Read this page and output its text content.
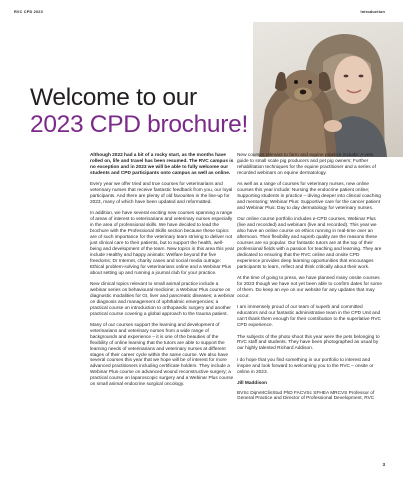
RVC CPD 2023	Introduction
Welcome to our
2023 CPD brochure!

Although 2022 had a bit of a rocky start, as the months have rolled on, life and travel has been resumed. The RVC campus is no exception and in 2023 we will be able to fully welcome our students and CPD participants onto campus as well as online.

Every year we offer tried and true courses for veterinarians and veterinary nurses that receive fantastic feedback from you, our loyal participants. And there are plenty of old favourites in the line-up for 2023, many of which have been updated and reformatted.

In addition, we have several exciting new courses spanning a range of areas of interest to veterinarians and veterinary nurses especially in the area of professional skills. We have decided to lead the brochure with the Professional Skills section because these topics are of such importance for the veterinary team striving to deliver not just clinical care to their patients, but to support the health, well-being and development of the team. New topics in this area this year include Healthy and happy animals: Welfare beyond the five freedoms; Dr Internet, charity cases and social media outrage: Ethical problem-solving for veterinarians online and a Webinar Plus about setting up and running a journal club for your practice.

New clinical topics relevant to small animal practice include a webinar series on behavioural medicine; a Webinar Plus course on diagnostic modalities for GI, liver and pancreatic diseases; a webinar on diagnosis and management of ophthalmic emergencies; a practical course on introduction to orthopaedic surgery and another practical course covering a global approach to the trauma patient.

Many of our courses support the learning and development of veterinarians and veterinary nurses from a wide range of backgrounds and experience – it is one of the beauties of the flexibility of online learning that the tutors are able to support the learning needs of veterinarians and veterinary nurses at different stages of their career cycle within the same course. We also have several courses this year that we hope will be of interest for more advanced practitioners including certificate holders. They include a Webinar Plus course on advanced wound reconstructive surgery; a practical course on laparoscopic surgery and a Webinar Plus course on small animal endocrine surgical oncology.

New courses relevant to farm and equine practice include: A vets guide to small scale pig producers and pet pig owners; Further rehabilitation techniques for the equine practitioner and a series of recorded webinars on equine dermatology.

As well as a range of courses for veterinary nurses, new online courses this year include: Nursing the endocrine patient online; Supporting students in practice – diving deeper into clinical coaching and mentoring; Webinar Plus: Supportive care for the cancer patient and Webinar Plus: Day to day dermatology for veterinary nurses.

Our online course portfolio includes e-CPD courses, Webinar Plus (live and recorded) and webinars (live and recorded). This year we also have an online course on ethics running in real-time over an afternoon. Their flexibility and superb quality are the reasons these courses are so popular. Our fantastic tutors are at the top of their professional fields with a passion for teaching and learning. They are dedicated to ensuring that the RVC online and onsite CPD experience provides deep learning opportunities that encourages participants to learn, reflect and think critically about their work.

At the time of going to press, we have planned many onsite courses for 2023 though we have not yet been able to confirm dates for some of them. Do keep an eye on our website for any updates that may occur.

I am immensely proud of our team of superb and committed educators and our fantastic administrative team in the CPD Unit and can't thank them enough for their contribution to the superlative RVC CPD experience.

The subjects of the photo shoot this year were the pets belonging to RVC staff and students. They have been photographed as usual by our highly talented Richard Addison.

I do hope that you find something in our portfolio to interest and inspire and look forward to welcoming you to the RVC – onsite or online in 2023.

Jill Maddison

BVSc DipVetClinStud PhD FACVSc SFHEA MRCVS Professor of General Practice and Director of Professional Development, RVC

3
